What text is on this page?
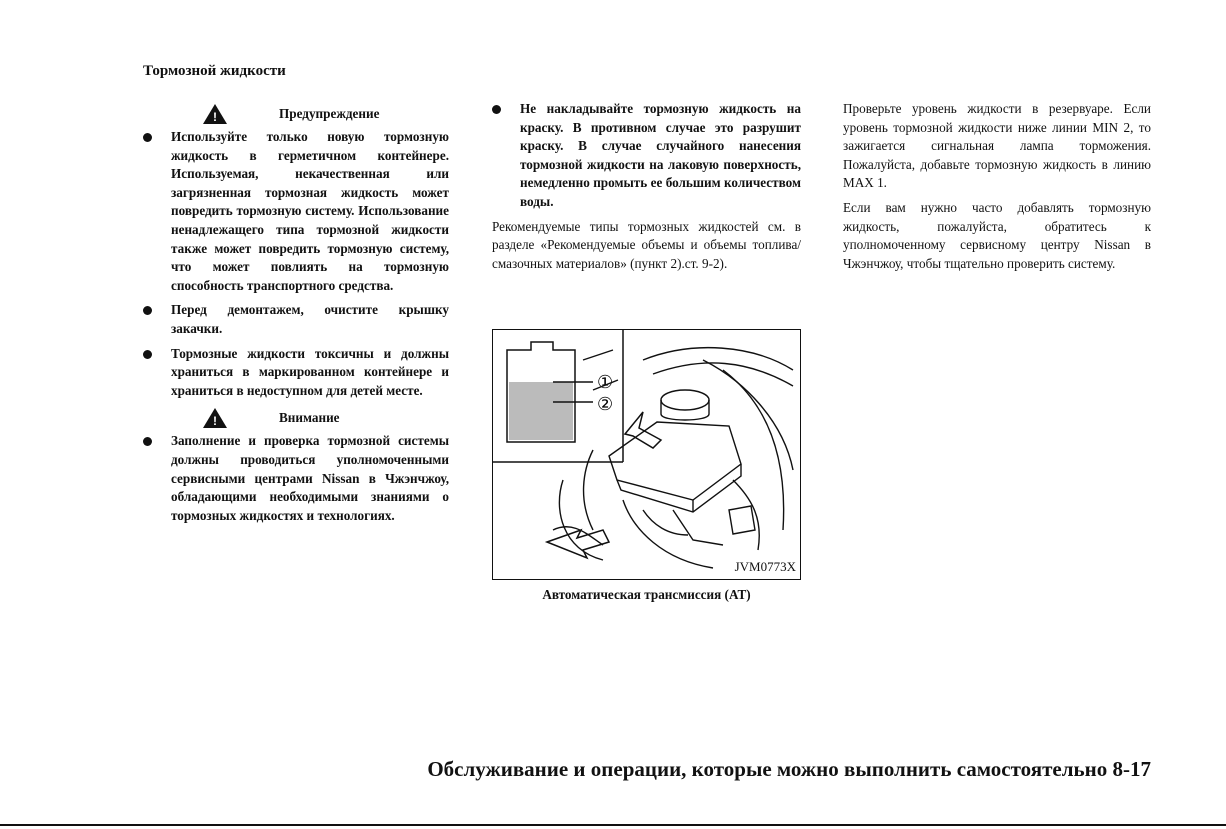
Тормозной жидкости
!
Предупреждение
Используйте только новую тормозную жидкость в герметичном контейнере. Используемая, некачественная или загрязненная тормозная жидкость может повредить тормозную систему. Использование ненадлежащего типа тормозной жидкости также может повредить тормозную систему, что может повлиять на тормозную способность транспортного средства.
Перед демонтажем, очистите крышку закачки.
Тормозные жидкости токсичны и должны храниться в маркированном контейнере и храниться в недоступном для детей месте.
!
Внимание
Заполнение и проверка тормозной системы должны проводиться уполномоченными сервисными центрами Nissan в Чжэнчжоу, обладающими необходимыми знаниями о тормозных жидкостях и технологиях.
Не накладывайте тормозную жидкость на краску. В противном случае это разрушит краску. В случае случайного нанесения тормозной жидкости на лаковую поверхность, немедленно промыть ее большим количеством воды.
Рекомендуемые типы тормозных жидкостей см. в разделе «Рекомендуемые объемы и объемы топлива/ смазочных материалов» (пункт 2).ст. 9-2).
①
②
JVM0773X
Автоматическая трансмиссия (AT)
Проверьте уровень жидкости в резервуаре. Если уровень тормозной жидкости ниже линии MIN 2, то зажигается сигнальная лампа торможения. Пожалуйста, добавьте тормозную жидкость в линию MAX 1.
Если вам нужно часто добавлять тормозную жидкость, пожалуйста, обратитесь к уполномоченному сервисному центру Nissan в Чжэнчжоу, чтобы тщательно проверить систему.
Обслуживание и операции, которые можно выполнить самостоятельно 8-17
